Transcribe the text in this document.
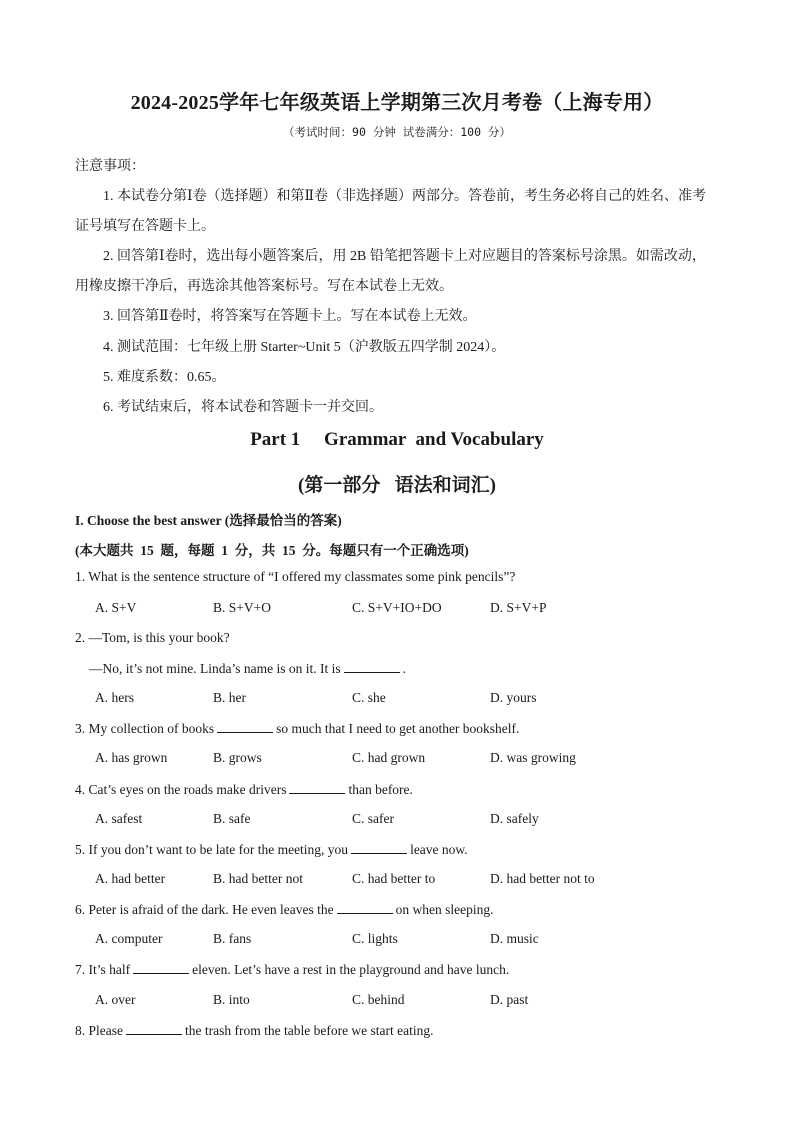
2024-2025学年七年级英语上学期第三次月考卷（上海专用）
（考试时间：90 分钟 试卷满分：100 分）
注意事项：
1. 本试卷分第Ⅰ卷（选择题）和第Ⅱ卷（非选择题）两部分。答卷前，考生务必将自己的姓名、准考
证号填写在答题卡上。
2. 回答第Ⅰ卷时，选出每小题答案后，用 2B 铅笔把答题卡上对应题目的答案标号涂黑。如需改动，
用橡皮擦干净后，再选涂其他答案标号。写在本试卷上无效。
3. 回答第Ⅱ卷时，将答案写在答题卡上。写在本试卷上无效。
4. 测试范围：七年级上册 Starter~Unit 5（沪教版五四学制 2024）。
5. 难度系数：0.65。
6. 考试结束后，将本试卷和答题卡一并交回。
Part 1     Grammar  and Vocabulary
(第一部分   语法和词汇)
I. Choose the best answer (选择最恰当的答案)
(本大题共  15  题，每题  1  分，共  15  分。每题只有一个正确选项)
1. What is the sentence structure of “I offered my classmates some pink pencils”?
A. S+V	B. S+V+O	C. S+V+IO+DO	D. S+V+P
2. —Tom, is this your book?
—No, it’s not mine. Linda’s name is on it. It is	.
A. hers	B. her	C. she	D. yours
3. My collection of books	so much that I need to get another bookshelf.
A. has grown	B. grows	C. had grown	D. was growing
4. Cat’s eyes on the roads make drivers	than before.
A. safest	B. safe	C. safer	D. safely
5. If you don’t want to be late for the meeting, you	leave now.
A. had better	B. had better not	C. had better to	D. had better not to
6. Peter is afraid of the dark. He even leaves the	on when sleeping.
A. computer	B. fans	C. lights	D. music
7. It’s half	eleven. Let’s have a rest in the playground and have lunch.
A. over	B. into	C. behind	D. past
8. Please	the trash from the table before we start eating.
